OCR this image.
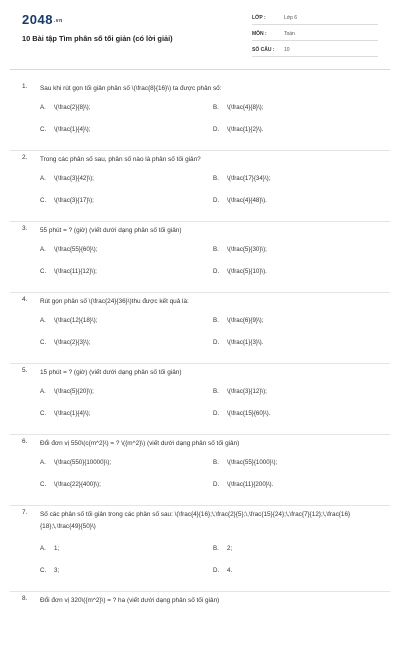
2048.vn
10 Bài tập Tìm phân số tối giản (có lời giải)
LỚP :	Lớp 6
MÔN :	Toán
SỐ CÂU :	10
1. Sau khi rút gọn tối giản phân số \(\frac{8}{16}\) ta được phân số:
A.	\(\frac{2}{8}\);	B.	\(\frac{4}{8}\);
C.	\(\frac{1}{4}\);	D.	\(\frac{1}{2}\).
2. Trong các phân số sau, phân số nào là phân số tối giản?
A.	\(\frac{3}{42}\);	B.	\(\frac{17}{34}\);
C.	\(\frac{3}{17}\);	D.	\(\frac{4}{48}\).
3. 55 phút = ? (giờ) (viết dưới dạng phân số tối giản)
A.	\(\frac{55}{60}\);	B.	\(\frac{5}{30}\);
C.	\(\frac{11}{12}\);	D.	\(\frac{5}{10}\).
4. Rút gọn phân số \(\frac{24}{36}\)thu được kết quả là:
A.	\(\frac{12}{18}\);	B.	\(\frac{6}{9}\);
C.	\(\frac{2}{3}\);	D.	\(\frac{1}{3}\).
5. 15 phút = ? (giờ) (viết dưới dạng phân số tối giản)
A.	\(\frac{5}{20}\);	B.	\(\frac{3}{12}\);
C.	\(\frac{1}{4}\);	D.	\(\frac{15}{60}\).
6. Đổi đơn vị 550\(c{m^2}\) = ? \({m^2}\) (viết dưới dạng phân số tối giản)
A.	\(\frac{550}{10000}\);	B.	\(\frac{55}{1000}\);
C.	\(\frac{22}{400}\);	D.	\(\frac{11}{200}\).
7. Số các phân số tối giản trong các phân số sau: \(\frac{4}{16};\,\frac{2}{5};\,\frac{15}{24};\,\frac{7}{12};\,\frac{16}{18};\,\frac{49}{50}\)
A.	1;	B.	2;
C.	3;	D.	4.
8. Đổi đơn vị 320\({m^2}\) = ? ha (viết dưới dạng phân số tối giản)
